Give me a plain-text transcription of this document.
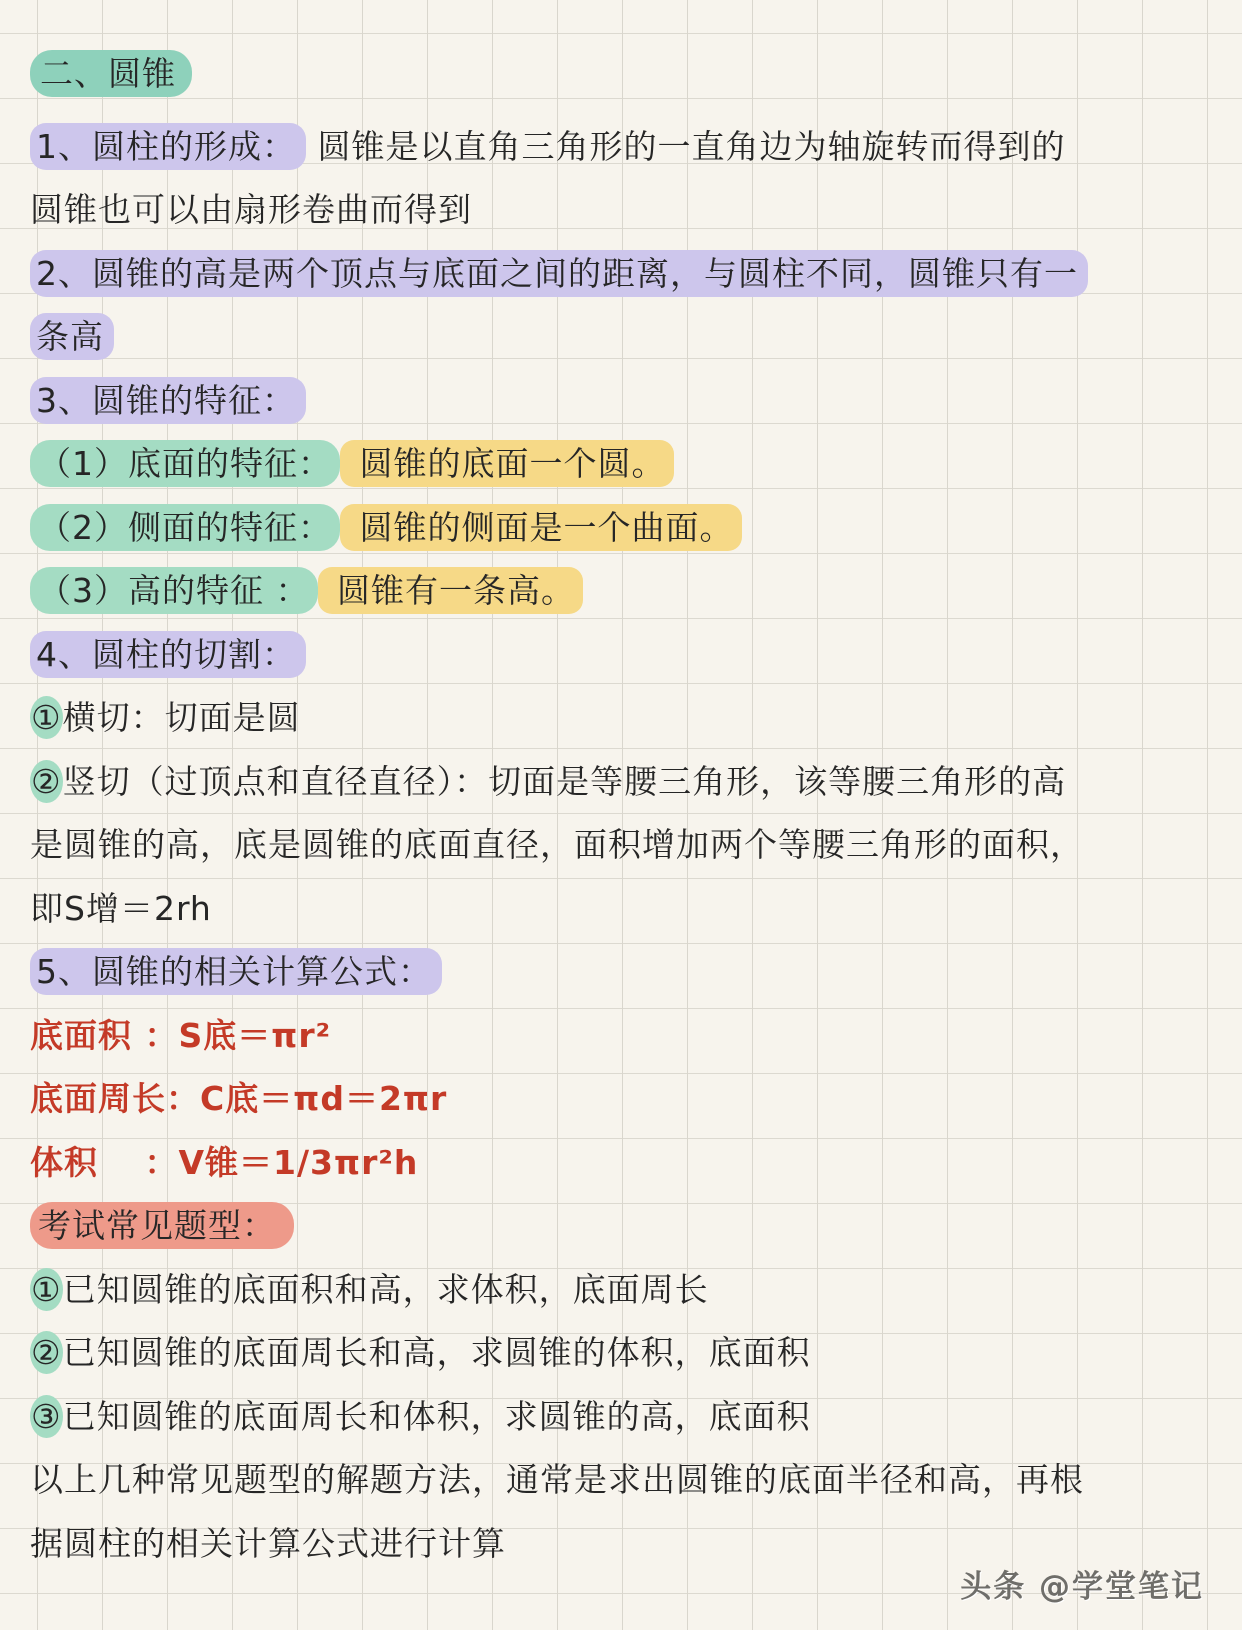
二、圆锥
1、圆柱的形成： 圆锥是以直角三角形的一直角边为轴旋转而得到的
圆锥也可以由扇形卷曲而得到
2、圆锥的高是两个顶点与底面之间的距离，与圆柱不同，圆锥只有一
条高
3、圆锥的特征：
（1）底面的特征： 圆锥的底面一个圆。
（2）侧面的特征： 圆锥的侧面是一个曲面。
（3）高的特征 ： 圆锥有一条高。
4、圆柱的切割：
①横切：切面是圆
②竖切（过顶点和直径直径）：切面是等腰三角形，该等腰三角形的高
是圆锥的高，底是圆锥的底面直径，面积增加两个等腰三角形的面积，
即S增＝2rh
5、圆锥的相关计算公式：
底面积 ：S底＝πr²
底面周长：C底＝πd＝2πr
体积　 ：V锥＝1/3πr²h
考试常见题型：
①已知圆锥的底面积和高，求体积，底面周长
②已知圆锥的底面周长和高，求圆锥的体积，底面积
③已知圆锥的底面周长和体积，求圆锥的高，底面积
以上几种常见题型的解题方法，通常是求出圆锥的底面半径和高，再根
据圆柱的相关计算公式进行计算
头条 @学堂笔记
